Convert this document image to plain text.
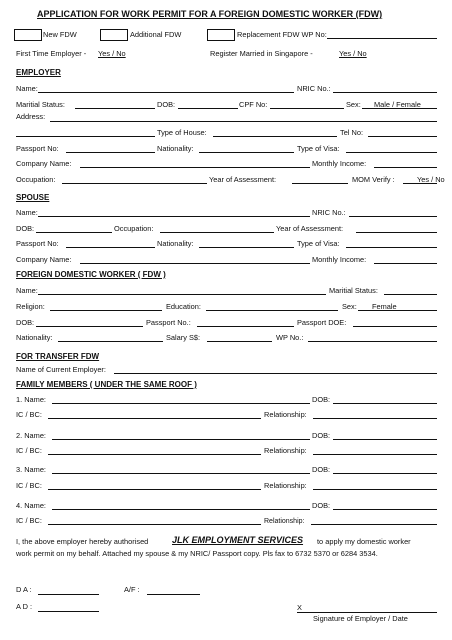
APPLICATION FOR WORK PERMIT FOR A FOREIGN DOMESTIC WORKER (FDW)
New FDW	Additional FDW	Replacement FDW WP No:
First Time Employer - Yes / No	Register Married in Singapore -	Yes / No
EMPLOYER
Name:	NRIC No.:
Maritial Status:	DOB:	CPF No:	Sex: Male / Female
Address:
Type of House:	Tel No:
Passport No:	Nationality:	Type of Visa:
Company Name:	Monthly Income:
Occupation:	Year of Assessment:	MOM Verify :	Yes / No
SPOUSE
Name:	NRIC No.:
DOB:	Occupation:	Year of Assessment:
Passport No:	Nationality:	Type of Visa:
Company Name:	Monthly Income:
FOREIGN DOMESTIC WORKER ( FDW )
Name:	Maritial Status:
Religion:	Education:	Sex: Female
DOB:	Passport No.:	Passport DOE:
Nationality:	Salary S$:	WP No.:
FOR TRANSFER FDW
Name of Current Employer:
FAMILY MEMBERS ( UNDER THE SAME ROOF )
1. Name:	DOB:
IC / BC:	Relationship:
2. Name:	DOB:
IC / BC:	Relationship:
3. Name:	DOB:
IC / BC:	Relationship:
4. Name:	DOB:
IC / BC:	Relationship:
I, the above employer hereby authorised	JLK EMPLOYMENT SERVICES to apply my domestic worker
work permit on my behalf. Attached my spouse & my NRIC/ Passport copy. Pls fax to 6732 5370 or 6284 3534.
D A :	A/F :
A D :	X
Signature of Employer / Date
